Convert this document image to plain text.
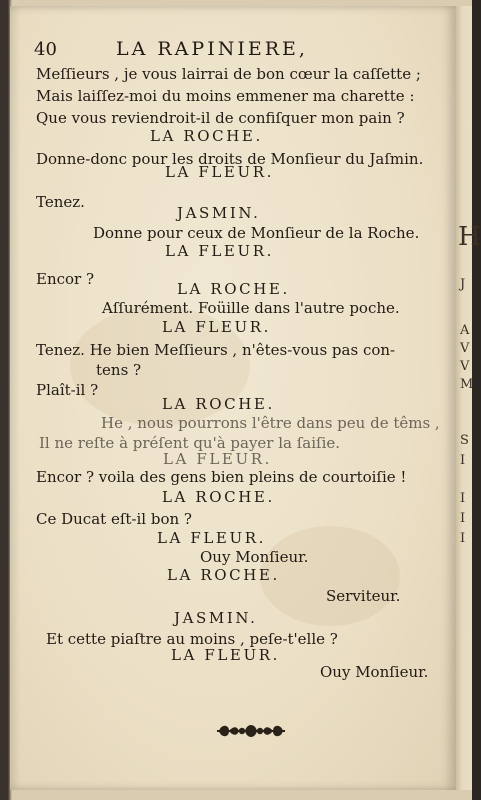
40	LA RAPINIERE,
Meſſieurs , je vous lairrai de bon cœur la caſſette ;
Mais laiſſez-moi du moins emmener ma charette :
Que vous reviendroit-il de confiſquer mon pain ?
LA ROCHE.
Donne-donc pour les droits de Monſieur du Jaſmin.
LA FLEUR.
Tenez.
JASMIN.
Donne pour ceux de Monſieur de la Roche.
LA FLEUR.
Encor ?
LA ROCHE.
Aſſurément. Foüille dans l'autre poche.
LA FLEUR.
Tenez. He bien Meſſieurs , n'êtes-vous pas con-
tens ?
Plaît-il ?
LA ROCHE.
He , nous pourrons l'être dans peu de têms ,
Il ne reſte à préſent qu'à payer la ſaiſie.
LA FLEUR.
Encor ? voila des gens bien pleins de courtoiſie !
LA ROCHE.
Ce Ducat eſt-il bon ?
LA FLEUR.
Ouy Monſieur.
LA ROCHE.
Serviteur.
JASMIN.
Et cette piaſtre au moins , peſe-t'elle ?
LA FLEUR.
Ouy Monſieur.
H
J
A
V
V
M
S
I
I
I
I
